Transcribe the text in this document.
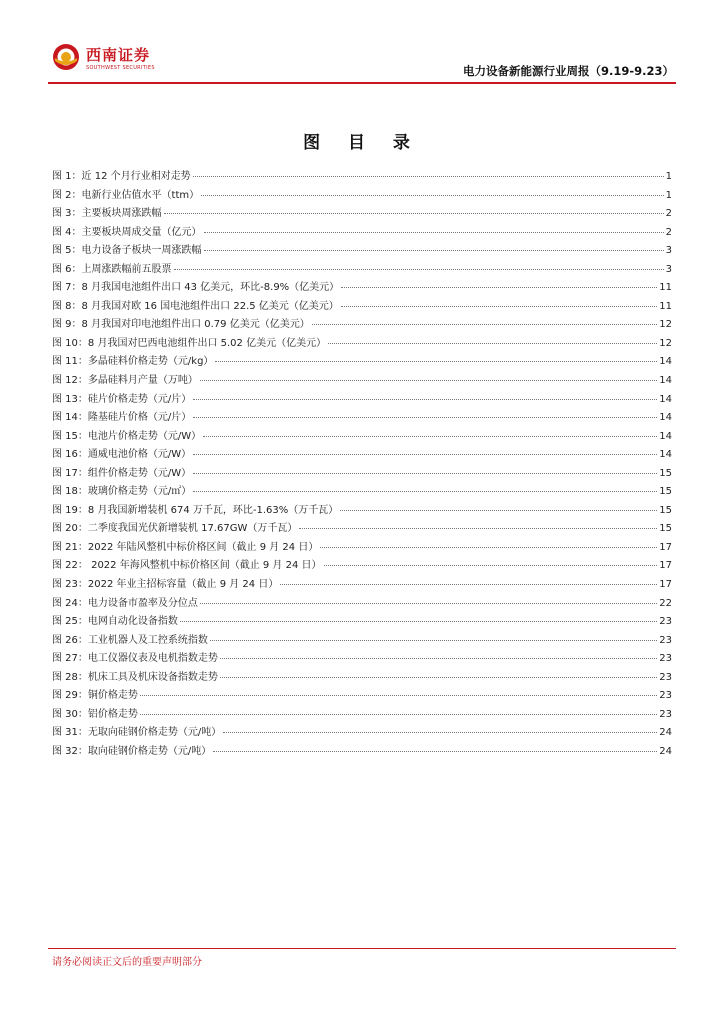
西南证券
SOUTHWEST SECURITIES	电力设备新能源行业周报（9.19-9.23）
图 目 录
图 1：近 12 个月行业相对走势	1
图 2：电新行业估值水平（ttm）	1
图 3：主要板块周涨跌幅	2
图 4：主要板块周成交量（亿元）	2
图 5：电力设备子板块一周涨跌幅	3
图 6：上周涨跌幅前五股票	3
图 7：8 月我国电池组件出口 43 亿美元，环比-8.9%（亿美元）	11
图 8：8 月我国对欧 16 国电池组件出口 22.5 亿美元（亿美元）	11
图 9：8 月我国对印电池组件出口 0.79 亿美元（亿美元）	12
图 10：8 月我国对巴西电池组件出口 5.02 亿美元（亿美元）	12
图 11：多晶硅料价格走势（元/kg）	14
图 12：多晶硅料月产量（万吨）	14
图 13：硅片价格走势（元/片）	14
图 14：隆基硅片价格（元/片）	14
图 15：电池片价格走势（元/W）	14
图 16：通威电池价格（元/W）	14
图 17：组件价格走势（元/W）	15
图 18：玻璃价格走势（元/㎡）	15
图 19：8 月我国新增装机 674 万千瓦，环比-1.63%（万千瓦）	15
图 20：二季度我国光伏新增装机 17.67GW（万千瓦）	15
图 21：2022 年陆风整机中标价格区间（截止 9 月 24 日）	17
图 22： 2022 年海风整机中标价格区间（截止 9 月 24 日）	17
图 23：2022 年业主招标容量（截止 9 月 24 日）	17
图 24：电力设备市盈率及分位点	22
图 25：电网自动化设备指数	23
图 26：工业机器人及工控系统指数	23
图 27：电工仪器仪表及电机指数走势	23
图 28：机床工具及机床设备指数走势	23
图 29：铜价格走势	23
图 30：铝价格走势	23
图 31：无取向硅钢价格走势（元/吨）	24
图 32：取向硅钢价格走势（元/吨）	24
请务必阅读正文后的重要声明部分
